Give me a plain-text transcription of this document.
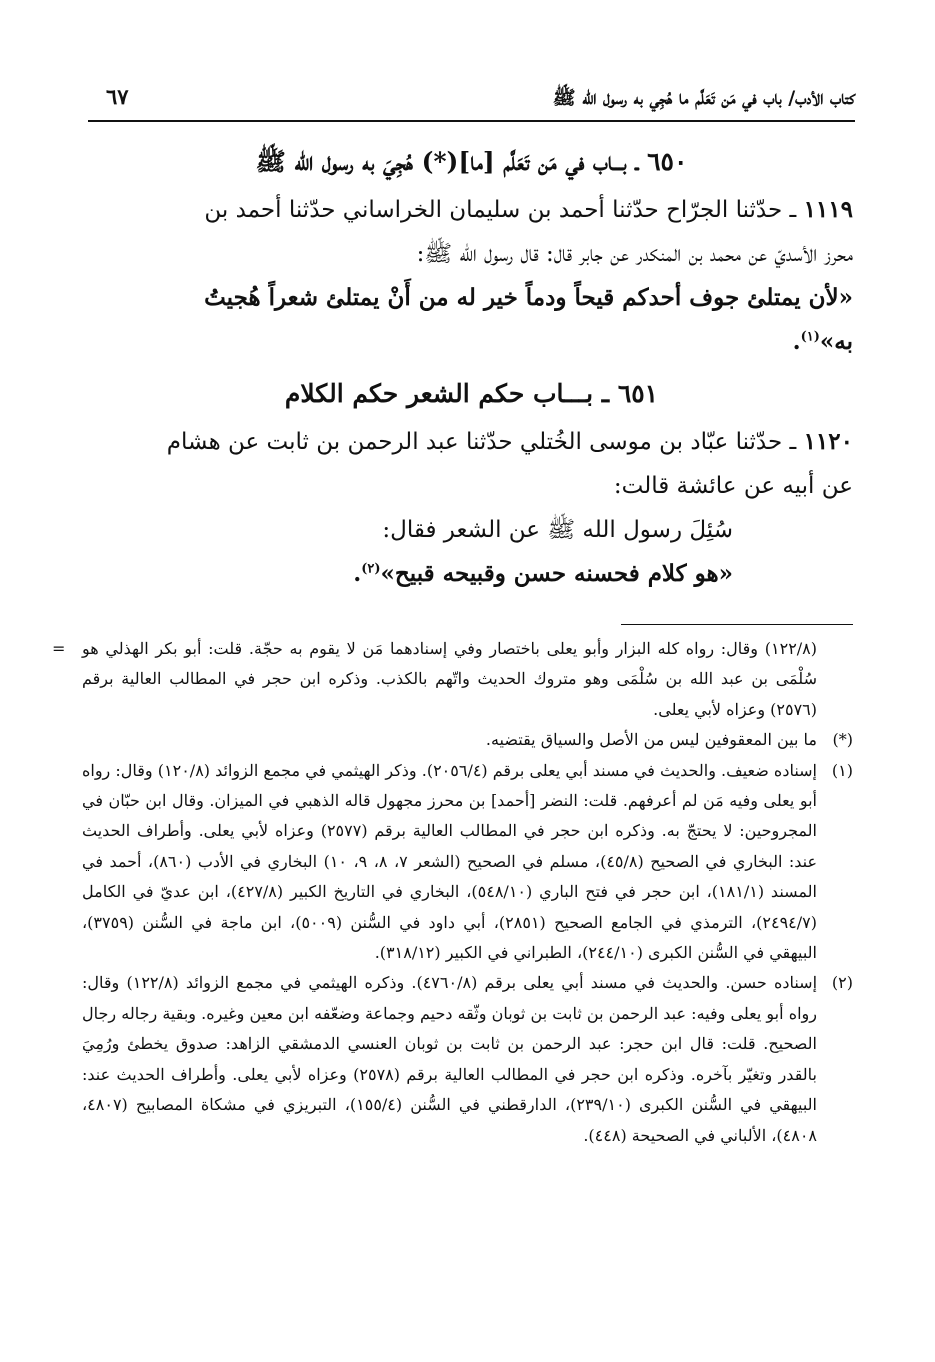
كتاب الأدب/ باب في مَن تَعَلَّم ما هُجِي به رسول الله ﷺ
٦٧

٦٥٠ ـ بـــاب في مَن تَعَلَّم [ما](*) هُجِيَ به رسول الله ﷺ

١١١٩ ـ حدّثنا الجرّاح حدّثنا أحمد بن سليمان الخراساني حدّثنا أحمد بن

محرز الأسديّ عن محمد بن المنكدر عن جابر قال: قال رسول الله ﷺ:

«لأن يمتلئ جوف أحدكم قيحاً ودماً خير له من أَنْ يمتلئ شعراً هُجيتُ

به»$^{(١)}$.

٦٥١ ـ بـــاب حكم الشعر حكم الكلام

١١٢٠ ـ حدّثنا عبّاد بن موسى الخُتلي حدّثنا عبد الرحمن بن ثابت عن هشام

عن أبيه عن عائشة قالت:

سُئِلَ رسول الله ﷺ عن الشعر فقال:

«هو كلام فحسنه حسن وقبيحه قبيح»$^{(٢)}$.

= (١٢٢/٨) وقال: رواه كله البزار وأبو يعلى باختصار وفي إسنادهما مَن لا يقوم به حجّة. قلت: أبو بكر الهذلي هو سُلْمَى بن عبد الله بن سُلْمَى وهو متروك الحديث واتّهم بالكذب. وذكره ابن حجر في المطالب العالية برقم (٢٥٧٦) وعزاه لأبي يعلى.
(*)
ما بين المعقوفين ليس من الأصل والسياق يقتضيه.
(١)
إسناده ضعيف. والحديث في مسند أبي يعلى برقم (٢٠٥٦/٤). وذكر الهيثمي في مجمع الزوائد (١٢٠/٨) وقال: رواه أبو يعلى وفيه مَن لم أعرفهم. قلت: النضر [أحمد] بن محرز مجهول قاله الذهبي في الميزان. وقال ابن حبّان في المجروحين: لا يحتجّ به. وذكره ابن حجر في المطالب العالية برقم (٢٥٧٧) وعزاه لأبي يعلى. وأطراف الحديث عند: البخاري في الصحيح (٤٥/٨)، مسلم في الصحيح (الشعر ٧، ٨، ٩، ١٠) البخاري في الأدب (٨٦٠)، أحمد في المسند (١٨١/١)، ابن حجر في فتح الباري (٥٤٨/١٠)، البخاري في التاريخ الكبير (٤٢٧/٨)، ابن عديّ في الكامل (٢٤٩٤/٧)، الترمذي في الجامع الصحيح (٢٨٥١)، أبي داود في السُّنن (٥٠٠٩)، ابن ماجة في السُّنن (٣٧٥٩)، البيهقي في السُّنن الكبرى (٢٤٤/١٠)، الطبراني في الكبير (٣١٨/١٢).
(٢)
إسناده حسن. والحديث في مسند أبي يعلى برقم (٤٧٦٠/٨). وذكره الهيثمي في مجمع الزوائد (١٢٢/٨) وقال: رواه أبو يعلى وفيه: عبد الرحمن بن ثابت بن ثوبان وثّقه دحيم وجماعة وضعّفه ابن معين وغيره. وبقية رجاله رجال الصحيح. قلت: قال ابن حجر: عبد الرحمن بن ثابت بن ثوبان العنسي الدمشقي الزاهد: صدوق يخطئ ورُمِيَ بالقدر وتغيّر بآخره. وذكره ابن حجر في المطالب العالية برقم (٢٥٧٨) وعزاه لأبي يعلى. وأطراف الحديث عند: البيهقي في السُّنن الكبرى (٢٣٩/١٠)، الدارقطني في السُّنن (١٥٥/٤)، التبريزي في مشكاة المصابيح (٤٨٠٧، ٤٨٠٨)، الألباني في الصحيحة (٤٤٨).
